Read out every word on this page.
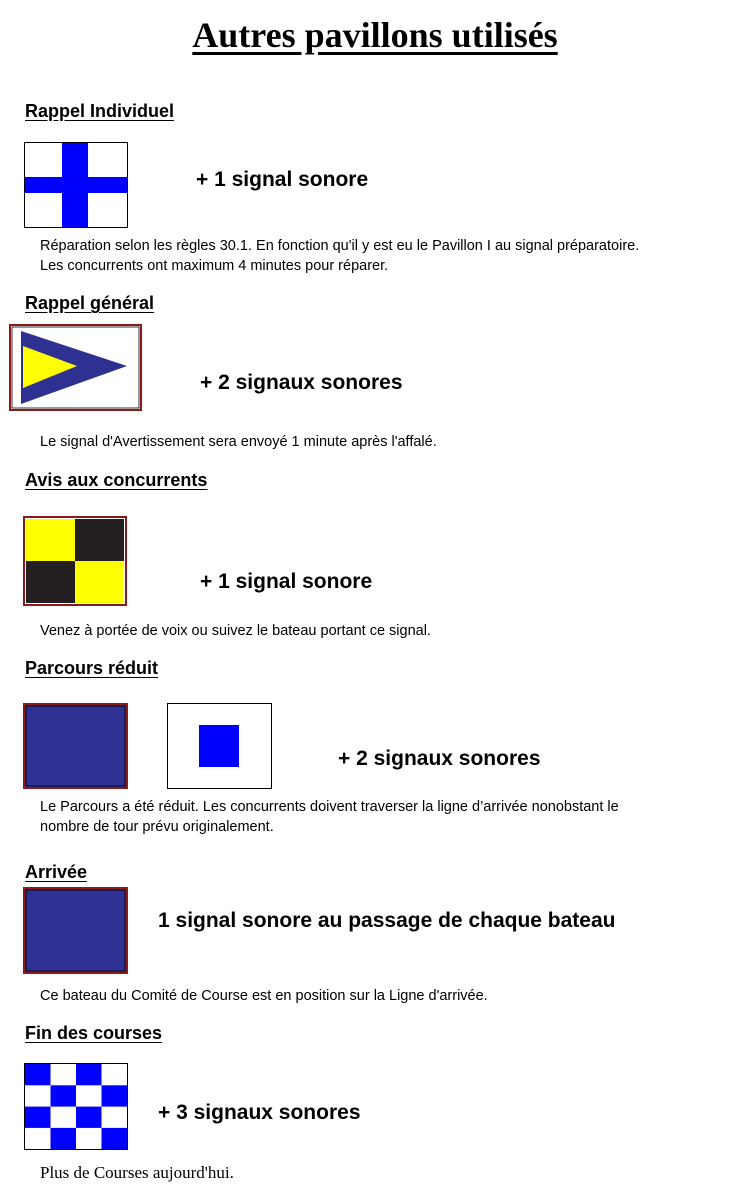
Autres pavillons utilisés
Rappel Individuel
+ 1 signal sonore

Réparation selon les règles 30.1. En fonction qu'il y est eu le Pavillon I au signal préparatoire.

Les concurrents ont maximum 4 minutes pour réparer.

Rappel général
+ 2 signaux sonores

Le signal d'Avertissement sera envoyé 1 minute après l'affalé.

Avis aux concurrents
+ 1 signal sonore

Venez à portée de voix ou suivez le bateau portant ce signal.

Parcours réduit
+ 2 signaux sonores

Le Parcours a été réduit. Les concurrents doivent traverser la ligne d’arrivée nonobstant le

nombre de tour prévu originalement.

Arrivée
1 signal sonore au passage de chaque bateau

Ce bateau du Comité de Course est en position sur la Ligne d'arrivée.

Fin des courses
+ 3 signaux sonores

Plus de Courses aujourd'hui.
